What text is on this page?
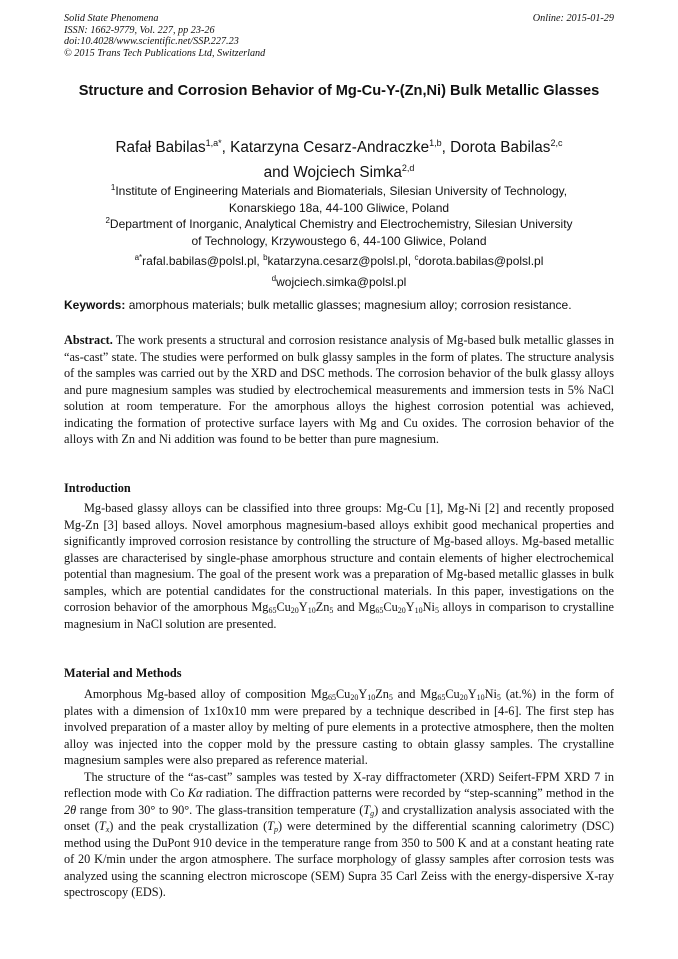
Solid State Phenomena
ISSN: 1662-9779, Vol. 227, pp 23-26
doi:10.4028/www.scientific.net/SSP.227.23
© 2015 Trans Tech Publications Ltd, Switzerland
Online: 2015-01-29
Structure and Corrosion Behavior of Mg-Cu-Y-(Zn,Ni) Bulk Metallic Glasses
Rafał Babilas$^{1,a*}$, Katarzyna Cesarz-Andraczke$^{1,b}$, Dorota Babilas$^{2,c}$
and Wojciech Simka$^{2,d}$
$^1$Institute of Engineering Materials and Biomaterials, Silesian University of Technology,
Konarskiego 18a, 44-100 Gliwice, Poland
$^2$Department of Inorganic, Analytical Chemistry and Electrochemistry, Silesian University
of Technology, Krzywoustego 6, 44-100 Gliwice, Poland
$^{a*}$rafal.babilas@polsl.pl, $^b$katarzyna.cesarz@polsl.pl, $^c$dorota.babilas@polsl.pl
$^d$wojciech.simka@polsl.pl
Keywords: amorphous materials; bulk metallic glasses; magnesium alloy; corrosion resistance.

Abstract. The work presents a structural and corrosion resistance analysis of Mg-based bulk metallic glasses in “as-cast” state. The studies were performed on bulk glassy samples in the form of plates. The structure analysis of the samples was carried out by the XRD and DSC methods. The corrosion behavior of the bulk glassy alloys and pure magnesium samples was studied by electrochemical measurements and immersion tests in 5% NaCl solution at room temperature. For the amorphous alloys the highest corrosion potential was achieved, indicating the formation of protective surface layers with Mg and Cu oxides. The corrosion behavior of the alloys with Zn and Ni addition was found to be better than pure magnesium.

Introduction

Mg-based glassy alloys can be classified into three groups: Mg-Cu [1], Mg-Ni [2] and recently proposed Mg-Zn [3] based alloys. Novel amorphous magnesium-based alloys exhibit good mechanical properties and significantly improved corrosion resistance by controlling the structure of Mg-based alloys. Mg-based metallic glasses are characterised by single-phase amorphous structure and contain elements of higher electrochemical potential than magnesium. The goal of the present work was a preparation of Mg-based metallic glasses in bulk samples, which are potential candidates for the constructional materials. In this paper, investigations on the corrosion behavior of the amorphous $Mg_{65}Cu_{20}Y_{10}Zn_5$ and $Mg_{65}Cu_{20}Y_{10}Ni_5$ alloys in comparison to crystalline magnesium in NaCl solution are presented.

Material and Methods

Amorphous Mg-based alloy of composition $Mg_{65}Cu_{20}Y_{10}Zn_5$ and $Mg_{65}Cu_{20}Y_{10}Ni_5$ (at.%) in the form of plates with a dimension of 1x10x10 mm were prepared by a technique described in [4-6]. The first step has involved preparation of a master alloy by melting of pure elements in a protective atmosphere, then the molten alloy was injected into the copper mold by the pressure casting to obtain glassy samples. The crystalline magnesium samples were also prepared as reference material.

The structure of the “as-cast” samples was tested by X-ray diffractometer (XRD) Seifert-FPM XRD 7 in reflection mode with Co Kα radiation. The diffraction patterns were recorded by “step-scanning” method in the 2θ range from 30° to 90°. The glass-transition temperature $(T_g)$ and crystallization analysis associated with the onset $(T_x)$ and the peak crystallization $(T_p)$ were determined by the differential scanning calorimetry (DSC) method using the DuPont 910 device in the temperature range from 350 to 500 K and at a constant heating rate of 20 K/min under the argon atmosphere. The surface morphology of glassy samples after corrosion tests was analyzed using the scanning electron microscope (SEM) Supra 35 Carl Zeiss with the energy-dispersive X-ray spectroscopy (EDS).
